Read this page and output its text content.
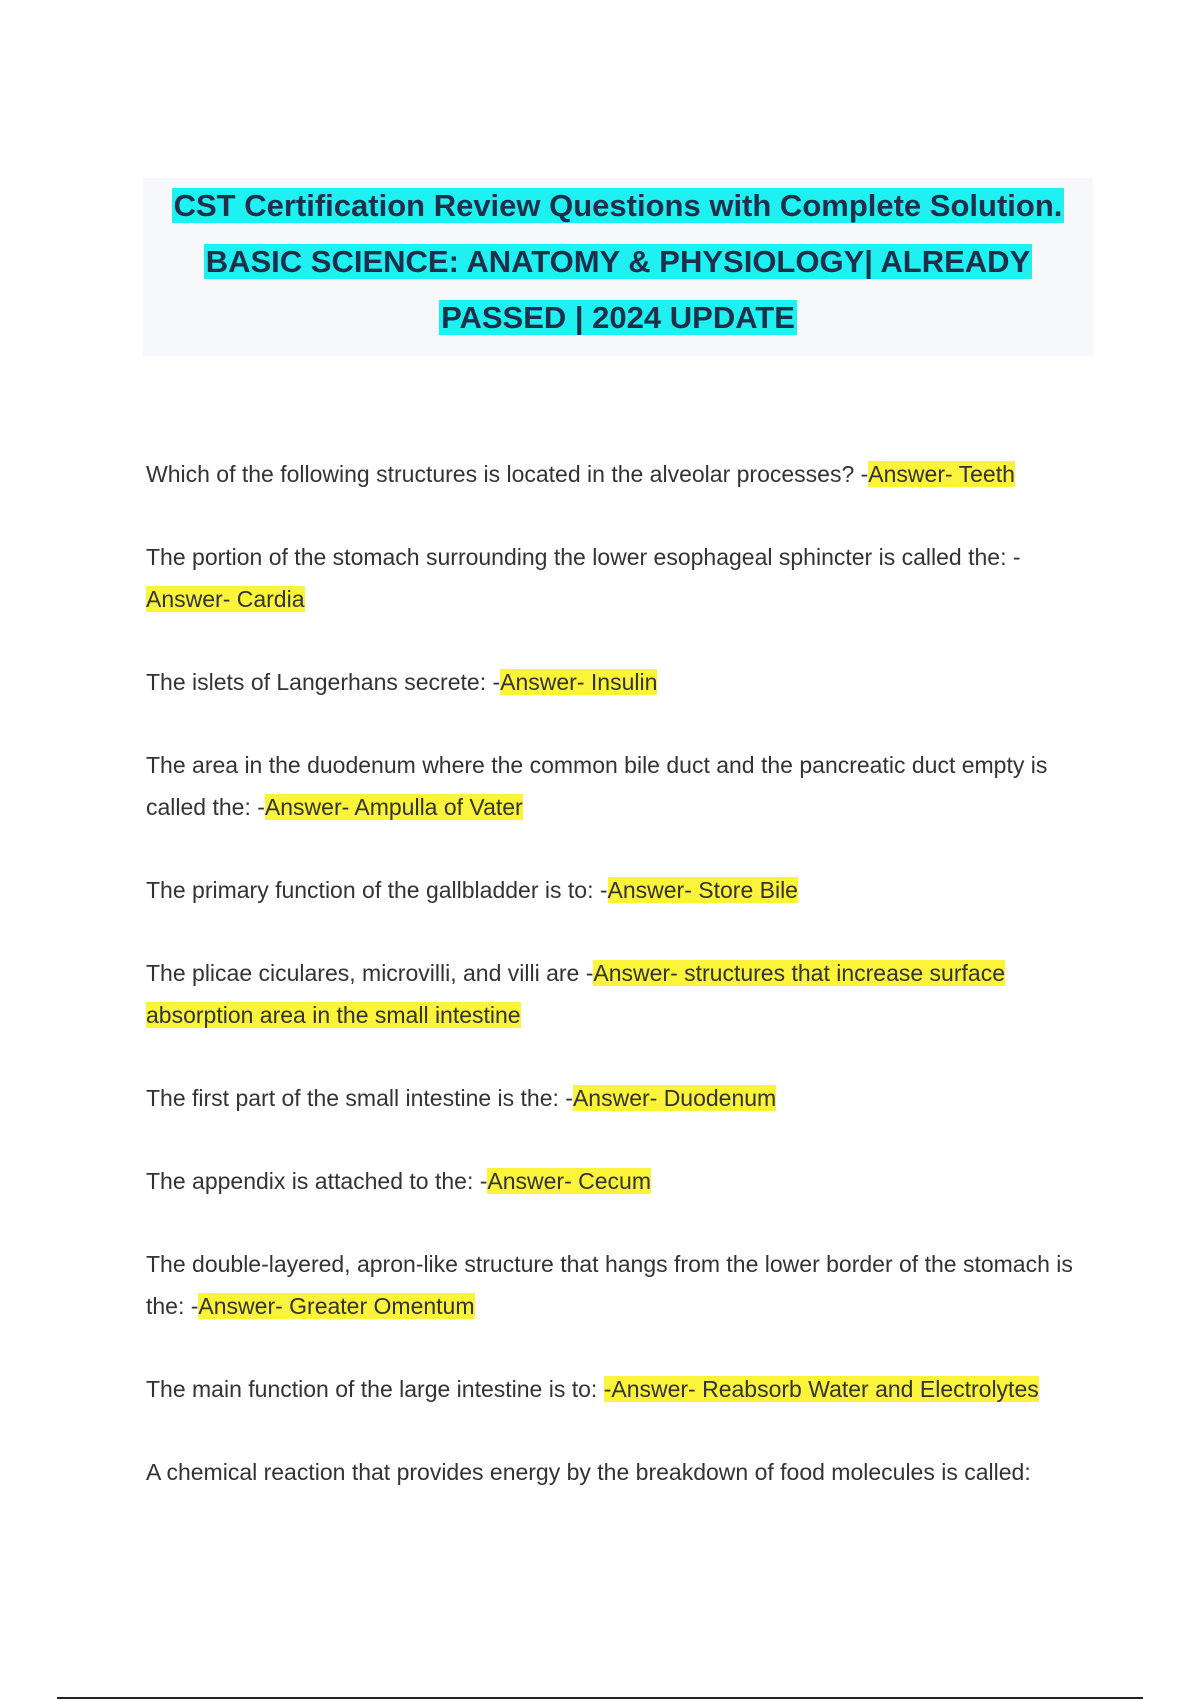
CST Certification Review Questions with Complete Solution.
BASIC SCIENCE: ANATOMY & PHYSIOLOGY| ALREADY
PASSED | 2024 UPDATE

Which of the following structures is located in the alveolar processes? -Answer- Teeth

The portion of the stomach surrounding the lower esophageal sphincter is called the: -Answer- Cardia

The islets of Langerhans secrete: -Answer- Insulin

The area in the duodenum where the common bile duct and the pancreatic duct empty is called the: -Answer- Ampulla of Vater

The primary function of the gallbladder is to: -Answer- Store Bile

The plicae ciculares, microvilli, and villi are -Answer- structures that increase surface absorption area in the small intestine

The first part of the small intestine is the: -Answer- Duodenum

The appendix is attached to the: -Answer- Cecum

The double-layered, apron-like structure that hangs from the lower border of the stomach is the: -Answer- Greater Omentum

The main function of the large intestine is to: -Answer- Reabsorb Water and Electrolytes

A chemical reaction that provides energy by the breakdown of food molecules is called:
